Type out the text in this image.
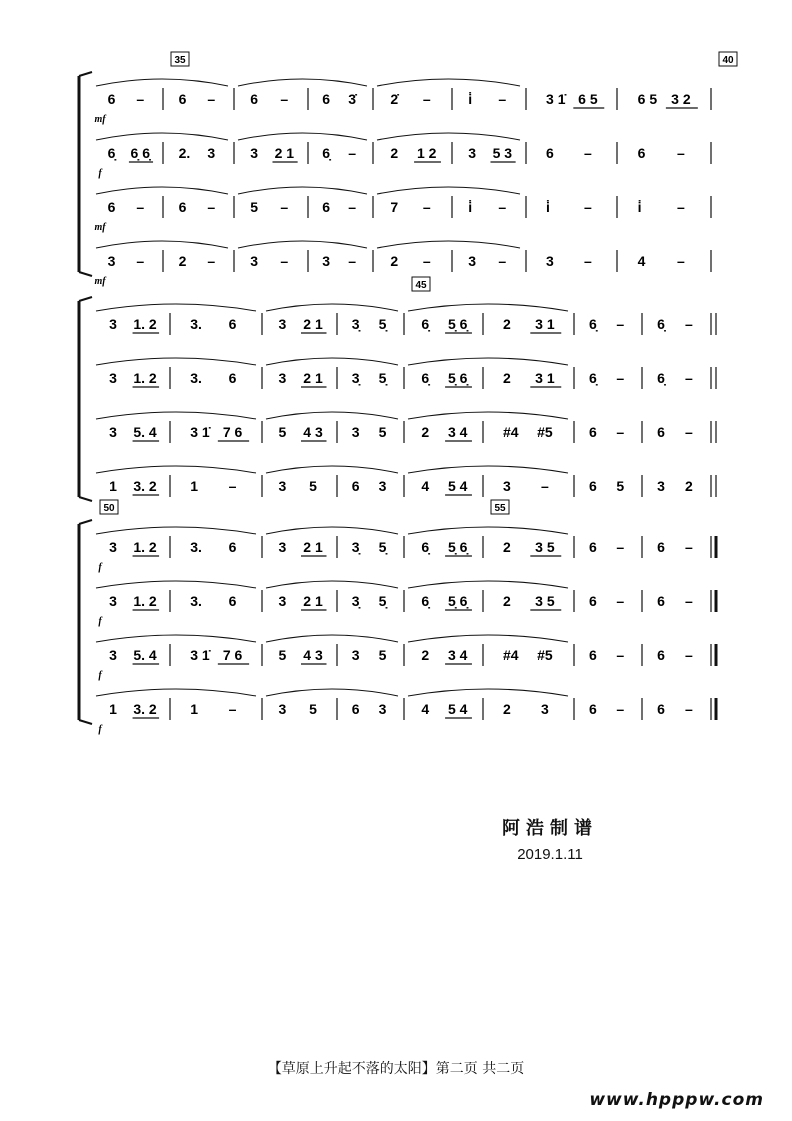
35	40
mf
6 – 6 –	6 – 6 3̇ 2̇ –	i̇ –	3 1̇ 6 5	6 5 3 2
f
6̣ 6̣ 6̣ 2. 3	3 2 1 6̣ – 2 1 2 3 5 3 6 –	6 –
mf
6 – 6 –	5 – 6 – 7 –	i̇ –	i̇ –	i̇	–
mf
3 – 2 –	3 – 3 – 2 –	3 –	3 –	4 –
45
3 1. 2 3. 6	3 2 1 3̣ 5̣ 6̣ 5̣ 6̣	2 3 1 6̣ – 6̣ –
3 1. 2 3. 6	3 2 1 3̣ 5̣ 6̣ 5̣ 6̣	2 3 1 6̣ – 6̣ –
3 5. 4 3 1̇ 7 6	5 4 3 3 5 2 3 4	#4 #5	6 – 6 –
1 3. 2 1 –	3 5 6 3 4 5 4	3 –	6 5 3 2
50	55
f
3 1. 2 3. 6	3 2 1 3̣ 5̣ 6̣ 5̣ 6̣	2 3 5 6 – 6 –
f
3 1. 2 3. 6	3 2 1 3̣ 5̣ 6̣ 5̣ 6̣	2 3 5 6 – 6 –
f
3 5. 4 3 1̇ 7 6	5 4 3 3 5 2 3 4	#4 #5	6 – 6 –
f
1 3. 2 1 –	3 5 6 3 4 5 4	2 3	6 – 6 –
阿浩制谱
2019.1.11
【草原上升起不落的太阳】第二页 共二页
www.hpppw.com
